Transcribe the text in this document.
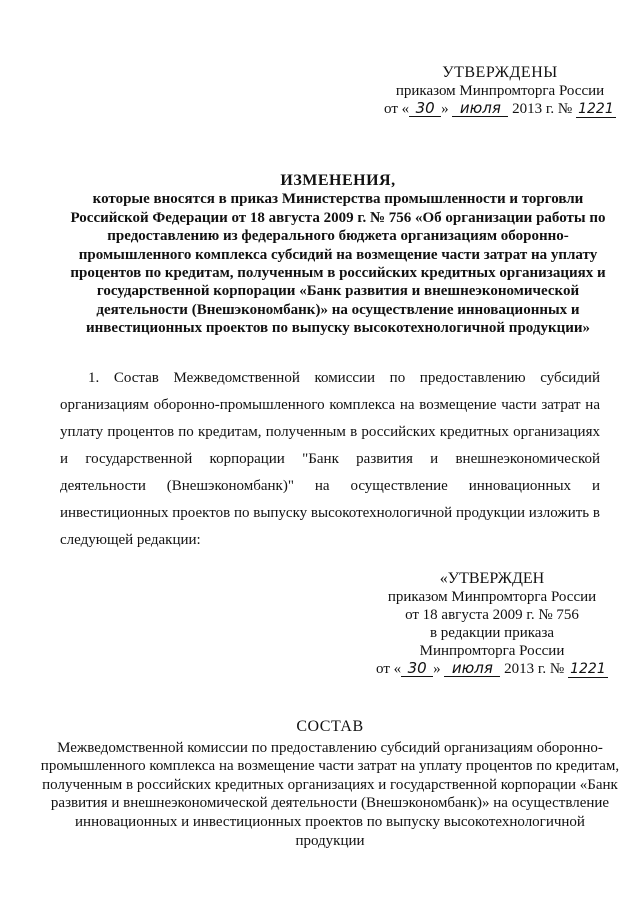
УТВЕРЖДЕНЫ
приказом Минпромторга России
от « 30 » июля 2013 г. № 1221
ИЗМЕНЕНИЯ,
которые вносятся в приказ Министерства промышленности и торговли Российской Федерации от 18 августа 2009 г. № 756 «Об организации работы по предоставлению из федерального бюджета организациям оборонно-промышленного комплекса субсидий на возмещение части затрат на уплату процентов по кредитам, полученным в российских кредитных организациях и государственной корпорации «Банк развития и внешнеэкономической деятельности (Внешэкономбанк)» на осуществление инновационных и инвестиционных проектов по выпуску высокотехнологичной продукции»
1. Состав Межведомственной комиссии по предоставлению субсидий организациям оборонно-промышленного комплекса на возмещение части затрат на уплату процентов по кредитам, полученным в российских кредитных организациях и государственной корпорации "Банк развития и внешнеэкономической деятельности (Внешэкономбанк)" на осуществление инновационных и инвестиционных проектов по выпуску высокотехнологичной продукции изложить в следующей редакции:
«УТВЕРЖДЕН
приказом Минпромторга России
от 18 августа 2009 г. № 756
в редакции приказа
Минпромторга России
от « 30 » июля 2013 г. № 1221
СОСТАВ
Межведомственной комиссии по предоставлению субсидий организациям оборонно-промышленного комплекса на возмещение части затрат на уплату процентов по кредитам, полученным в российских кредитных организациях и государственной корпорации «Банк развития и внешнеэкономической деятельности (Внешэкономбанк)» на осуществление инновационных и инвестиционных проектов по выпуску высокотехнологичной продукции
